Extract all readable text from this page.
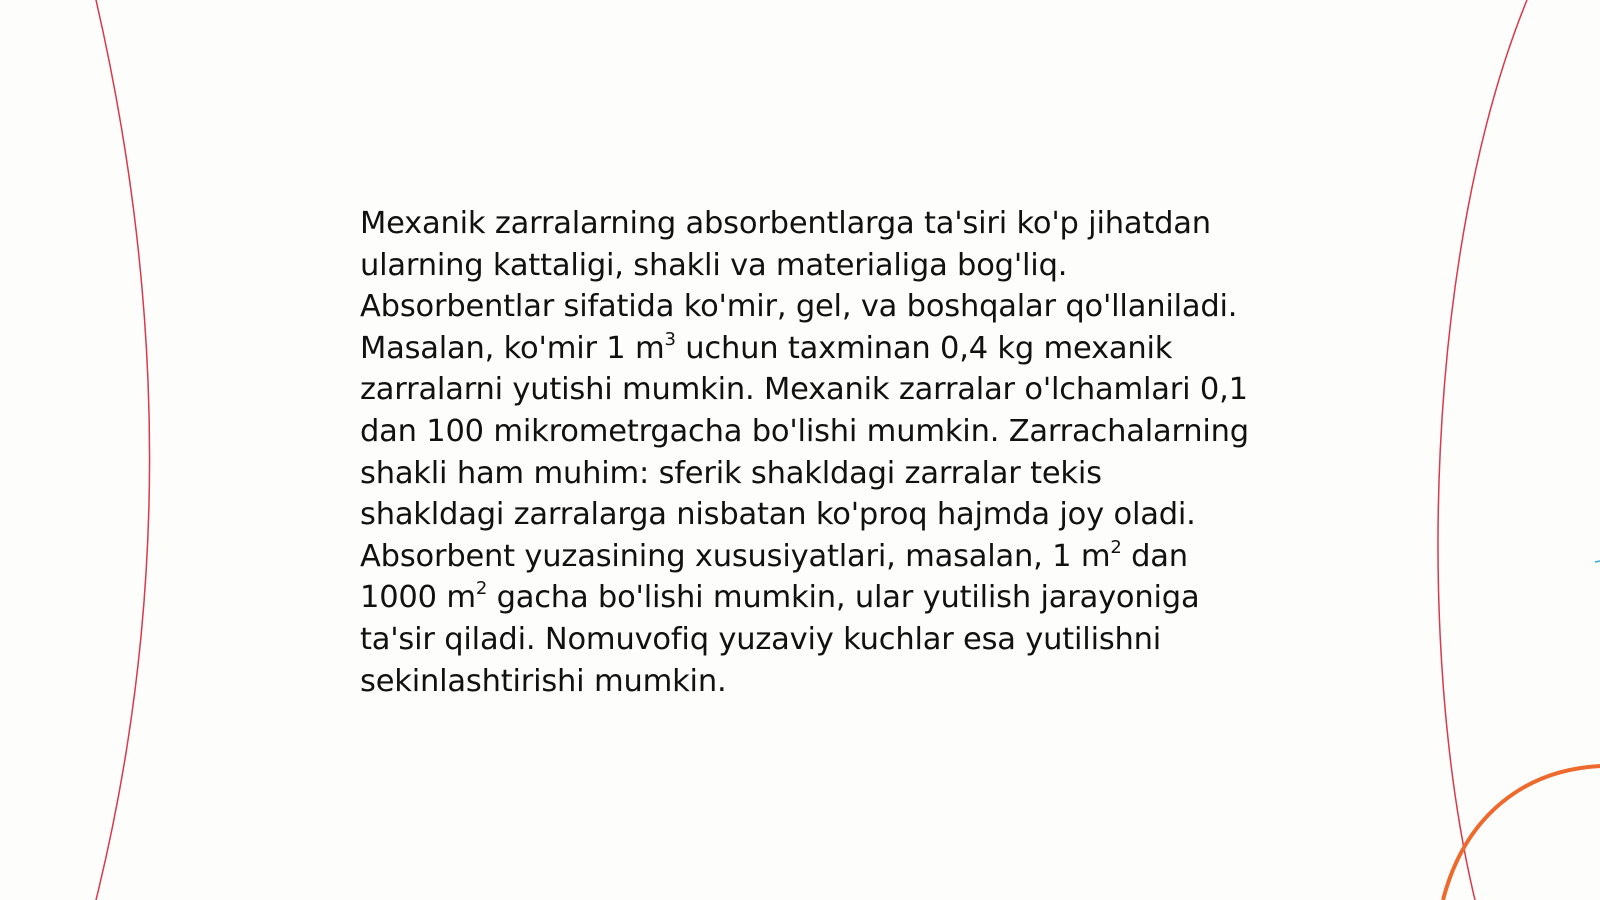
Mexanik zarralarning absorbentlarga ta'siri ko'p jihatdan ularning kattaligi, shakli va materialiga bog'liq. Absorbentlar sifatida ko'mir, gel, va boshqalar qo'llaniladi. Masalan, ko'mir 1 $m^3$ uchun taxminan 0,4 kg mexanik zarralarni yutishi mumkin. Mexanik zarralar o'lchamlari 0,1 dan 100 mikrometrgacha bo'lishi mumkin. Zarrachalarning shakli ham muhim: sferik shakldagi zarralar tekis shakldagi zarralarga nisbatan ko'proq hajmda joy oladi. Absorbent yuzasining xususiyatlari, masalan, 1 $m^2$ dan 1000 $m^2$ gacha bo'lishi mumkin, ular yutilish jarayoniga ta'sir qiladi. Nomuvofiq yuzaviy kuchlar esa yutilishni sekinlashtirishi mumkin.
